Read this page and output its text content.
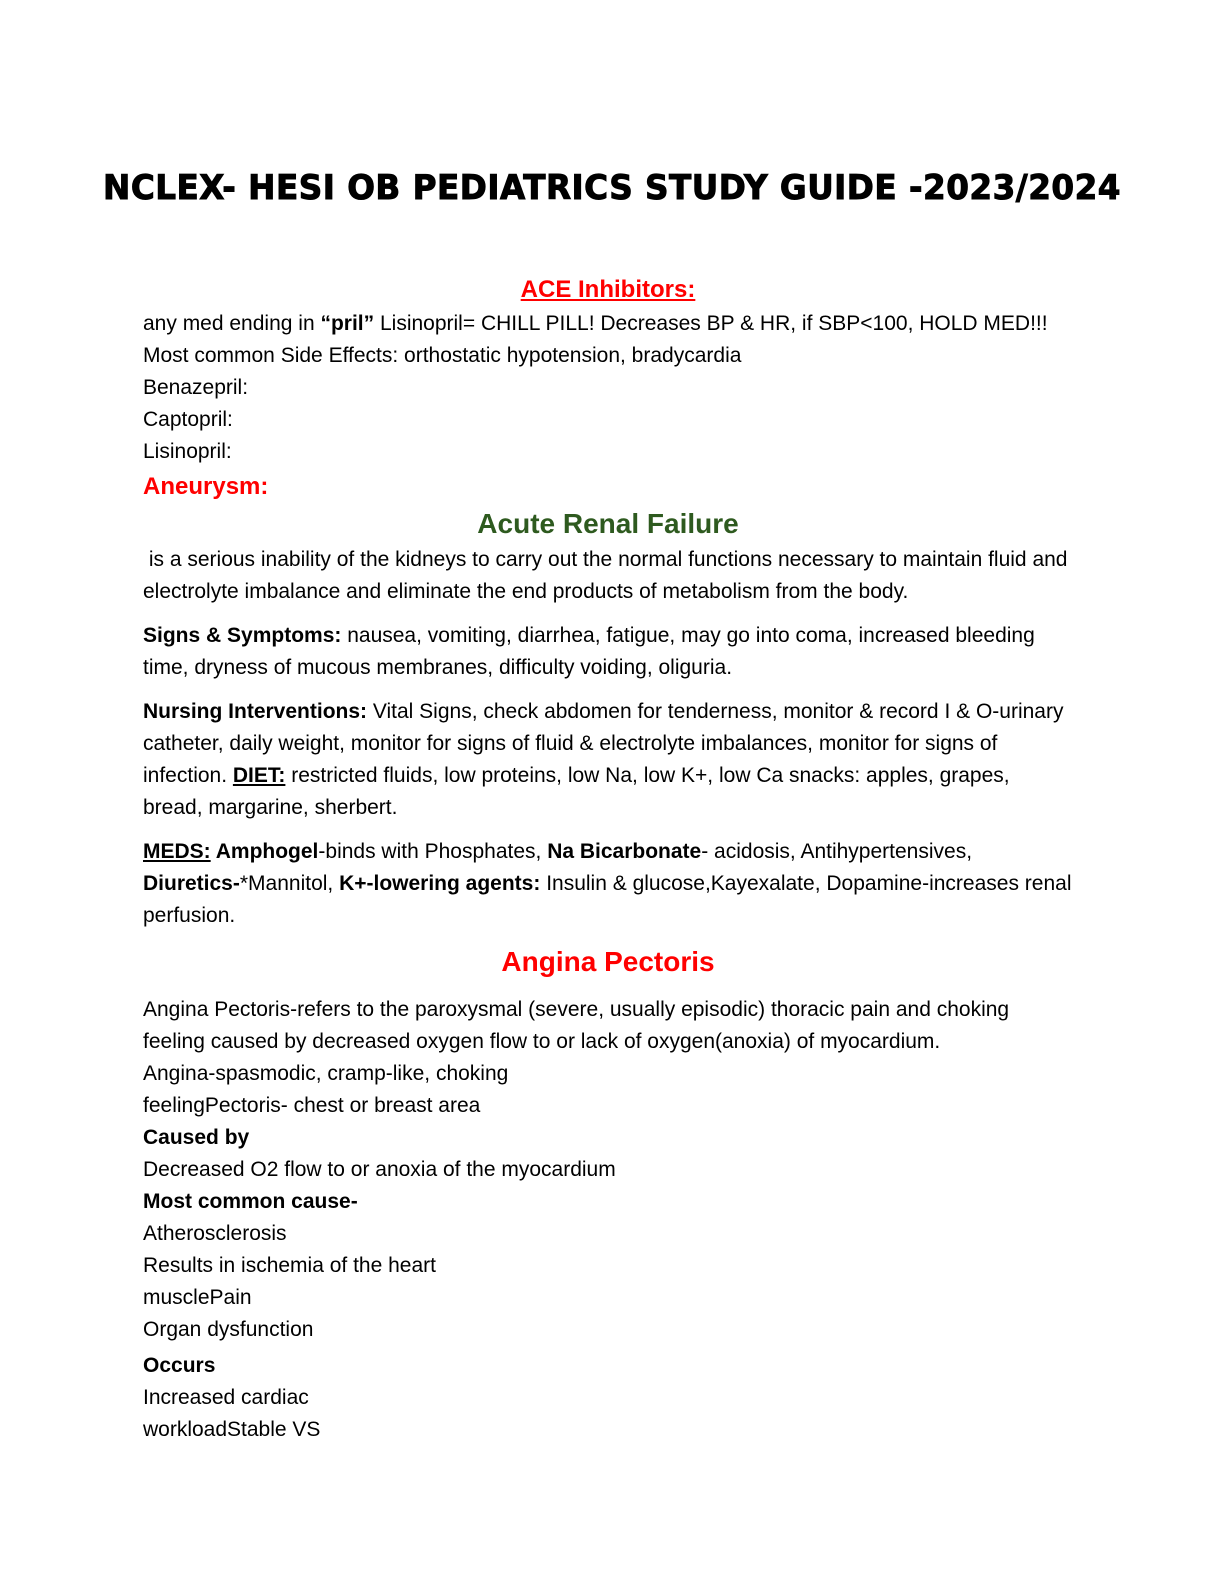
NCLEX- HESI OB PEDIATRICS STUDY GUIDE -2023/2024

ACE Inhibitors:

any med ending in “pril” Lisinopril= CHILL PILL! Decreases BP & HR, if SBP<100, HOLD MED!!!

Most common Side Effects: orthostatic hypotension, bradycardia

Benazepril:

Captopril:

Lisinopril:

Aneurysm:

Acute Renal Failure

is a serious inability of the kidneys to carry out the normal functions necessary to maintain fluid and electrolyte imbalance and eliminate the end products of metabolism from the body.

Signs & Symptoms: nausea, vomiting, diarrhea, fatigue, may go into coma, increased bleeding time, dryness of mucous membranes, difficulty voiding, oliguria.

Nursing Interventions: Vital Signs, check abdomen for tenderness, monitor & record I & O-urinary catheter, daily weight, monitor for signs of fluid & electrolyte imbalances, monitor for signs of infection. DIET: restricted fluids, low proteins, low Na, low K+, low Ca snacks: apples, grapes, bread, margarine, sherbert.

MEDS: Amphogel-binds with Phosphates, Na Bicarbonate- acidosis, Antihypertensives, Diuretics-*Mannitol, K+-lowering agents: Insulin & glucose,Kayexalate, Dopamine-increases renal perfusion.

Angina Pectoris

Angina Pectoris-refers to the paroxysmal (severe, usually episodic) thoracic pain and choking feeling caused by decreased oxygen flow to or lack of oxygen(anoxia) of myocardium.

Angina-spasmodic, cramp-like, choking

feelingPectoris- chest or breast area

Caused by

Decreased O2 flow to or anoxia of the myocardium

Most common cause-

Atherosclerosis

Results in ischemia of the heart

musclePain

Organ dysfunction

Occurs

Increased cardiac

workloadStable VS
